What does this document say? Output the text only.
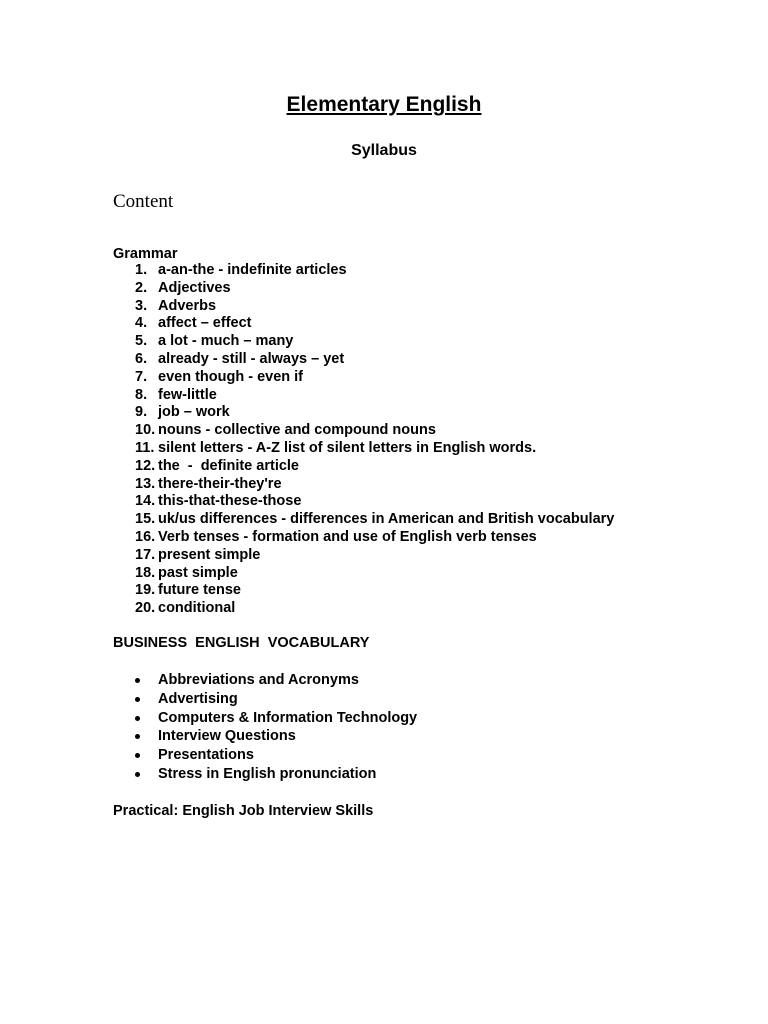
Elementary English
Syllabus
Content
Grammar
1. a-an-the - indefinite articles
2. Adjectives
3. Adverbs
4. affect – effect
5. a lot - much – many
6. already - still - always – yet
7. even though - even if
8. few-little
9. job – work
10. nouns - collective and compound nouns
11. silent letters - A-Z list of silent letters in English words.
12. the  -  definite article
13. there-their-they're
14. this-that-these-those
15. uk/us differences - differences in American and British vocabulary
16. Verb tenses - formation and use of English verb tenses
17. present simple
18. past simple
19. future tense
20. conditional
BUSINESS  ENGLISH  VOCABULARY
Abbreviations and Acronyms
Advertising
Computers & Information Technology
Interview Questions
Presentations
Stress in English pronunciation
Practical: English Job Interview Skills
